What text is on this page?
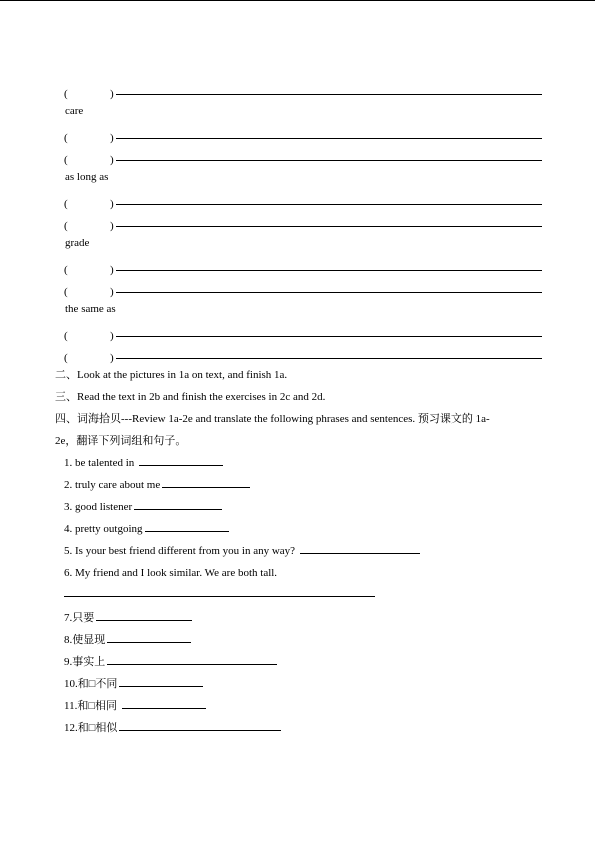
(	)
care
(	)
(	)
as long as
(	)
(	)
grade
(	)
(	)
the same as
(	)
(	)
二、Look at the pictures in 1a on text, and finish 1a.
三、Read the text in 2b and finish the exercises in 2c and 2d.
四、词海拾贝---Review 1a-2e and translate the following phrases and sentences. 预习课文的 1a-
2e，翻译下列词组和句子。
1. be talented in
2. truly care about me
3. good listener
4. pretty outgoing
5. Is your best friend different from you in any way?
6. My friend and I look similar. We are both tall.
7.只要
8.使显现
9.事实上
10.和□不同
11.和□相同
12.和□相似
